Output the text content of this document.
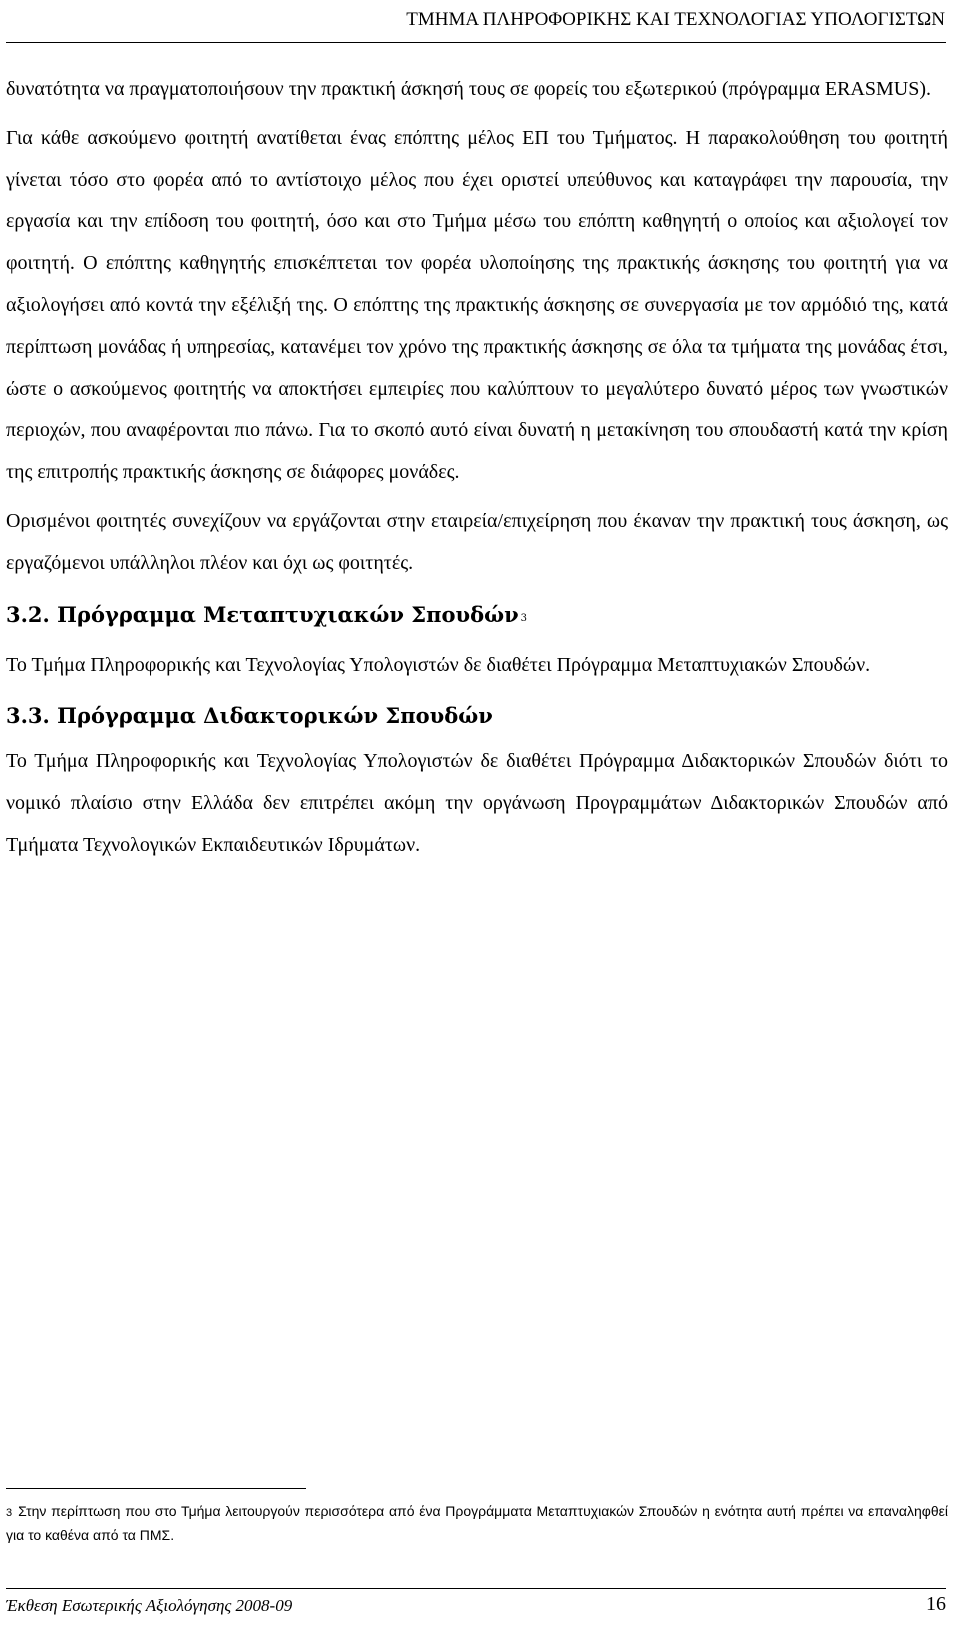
ΤΜΗΜΑ ΠΛΗΡΟΦΟΡΙΚΗΣ ΚΑΙ ΤΕΧΝΟΛΟΓΙΑΣ ΥΠΟΛΟΓΙΣΤΩΝ

δυνατότητα να πραγματοποιήσουν την πρακτική άσκησή τους σε φορείς του εξωτερικού (πρόγραμμα ERASMUS).

Για κάθε ασκούμενο φοιτητή ανατίθεται ένας επόπτης μέλος ΕΠ του Τμήματος. Η παρακολούθηση του φοιτητή γίνεται τόσο στο φορέα από το αντίστοιχο μέλος που έχει οριστεί υπεύθυνος και καταγράφει την παρουσία, την εργασία και την επίδοση του φοιτητή, όσο και στο Τμήμα μέσω του επόπτη καθηγητή ο οποίος και αξιολογεί τον φοιτητή. Ο επόπτης καθηγητής επισκέπτεται τον φορέα υλοποίησης της πρακτικής άσκησης του φοιτητή για να αξιολογήσει από κοντά την εξέλιξή της. Ο επόπτης της πρακτικής άσκησης σε συνεργασία με τον αρμόδιό της, κατά περίπτωση μονάδας ή υπηρεσίας, κατανέμει τον χρόνο της πρακτικής άσκησης σε όλα τα τμήματα της μονάδας έτσι, ώστε ο ασκούμενος φοιτητής να αποκτήσει εμπειρίες που καλύπτουν το μεγαλύτερο δυνατό μέρος των γνωστικών περιοχών, που αναφέρονται πιο πάνω. Για το σκοπό αυτό είναι δυνατή η μετακίνηση του σπουδαστή κατά την κρίση της επιτροπής πρακτικής άσκησης σε διάφορες μονάδες.

Ορισμένοι φοιτητές συνεχίζουν να εργάζονται στην εταιρεία/επιχείρηση που έκαναν την πρακτική τους άσκηση, ως εργαζόμενοι υπάλληλοι πλέον και όχι ως φοιτητές.

3.2. Πρόγραμμα Μεταπτυχιακών Σπουδών $^3$

Το Τμήμα Πληροφορικής και Τεχνολογίας Υπολογιστών δε διαθέτει Πρόγραμμα Μεταπτυχιακών Σπουδών.

3.3. Πρόγραμμα Διδακτορικών Σπουδών

Το Τμήμα Πληροφορικής και Τεχνολογίας Υπολογιστών δε διαθέτει Πρόγραμμα Διδακτορικών Σπουδών διότι το νομικό πλαίσιο στην Ελλάδα δεν επιτρέπει ακόμη την οργάνωση Προγραμμάτων Διδακτορικών Σπουδών από Τμήματα Τεχνολογικών Εκπαιδευτικών Ιδρυμάτων.

3 Στην περίπτωση που στο Τμήμα λειτουργούν περισσότερα από ένα Προγράμματα Μεταπτυχιακών Σπουδών η ενότητα αυτή πρέπει να επαναληφθεί για το καθένα από τα ΠΜΣ.
Έκθεση Εσωτερικής Αξιολόγησης 2008-09	16
